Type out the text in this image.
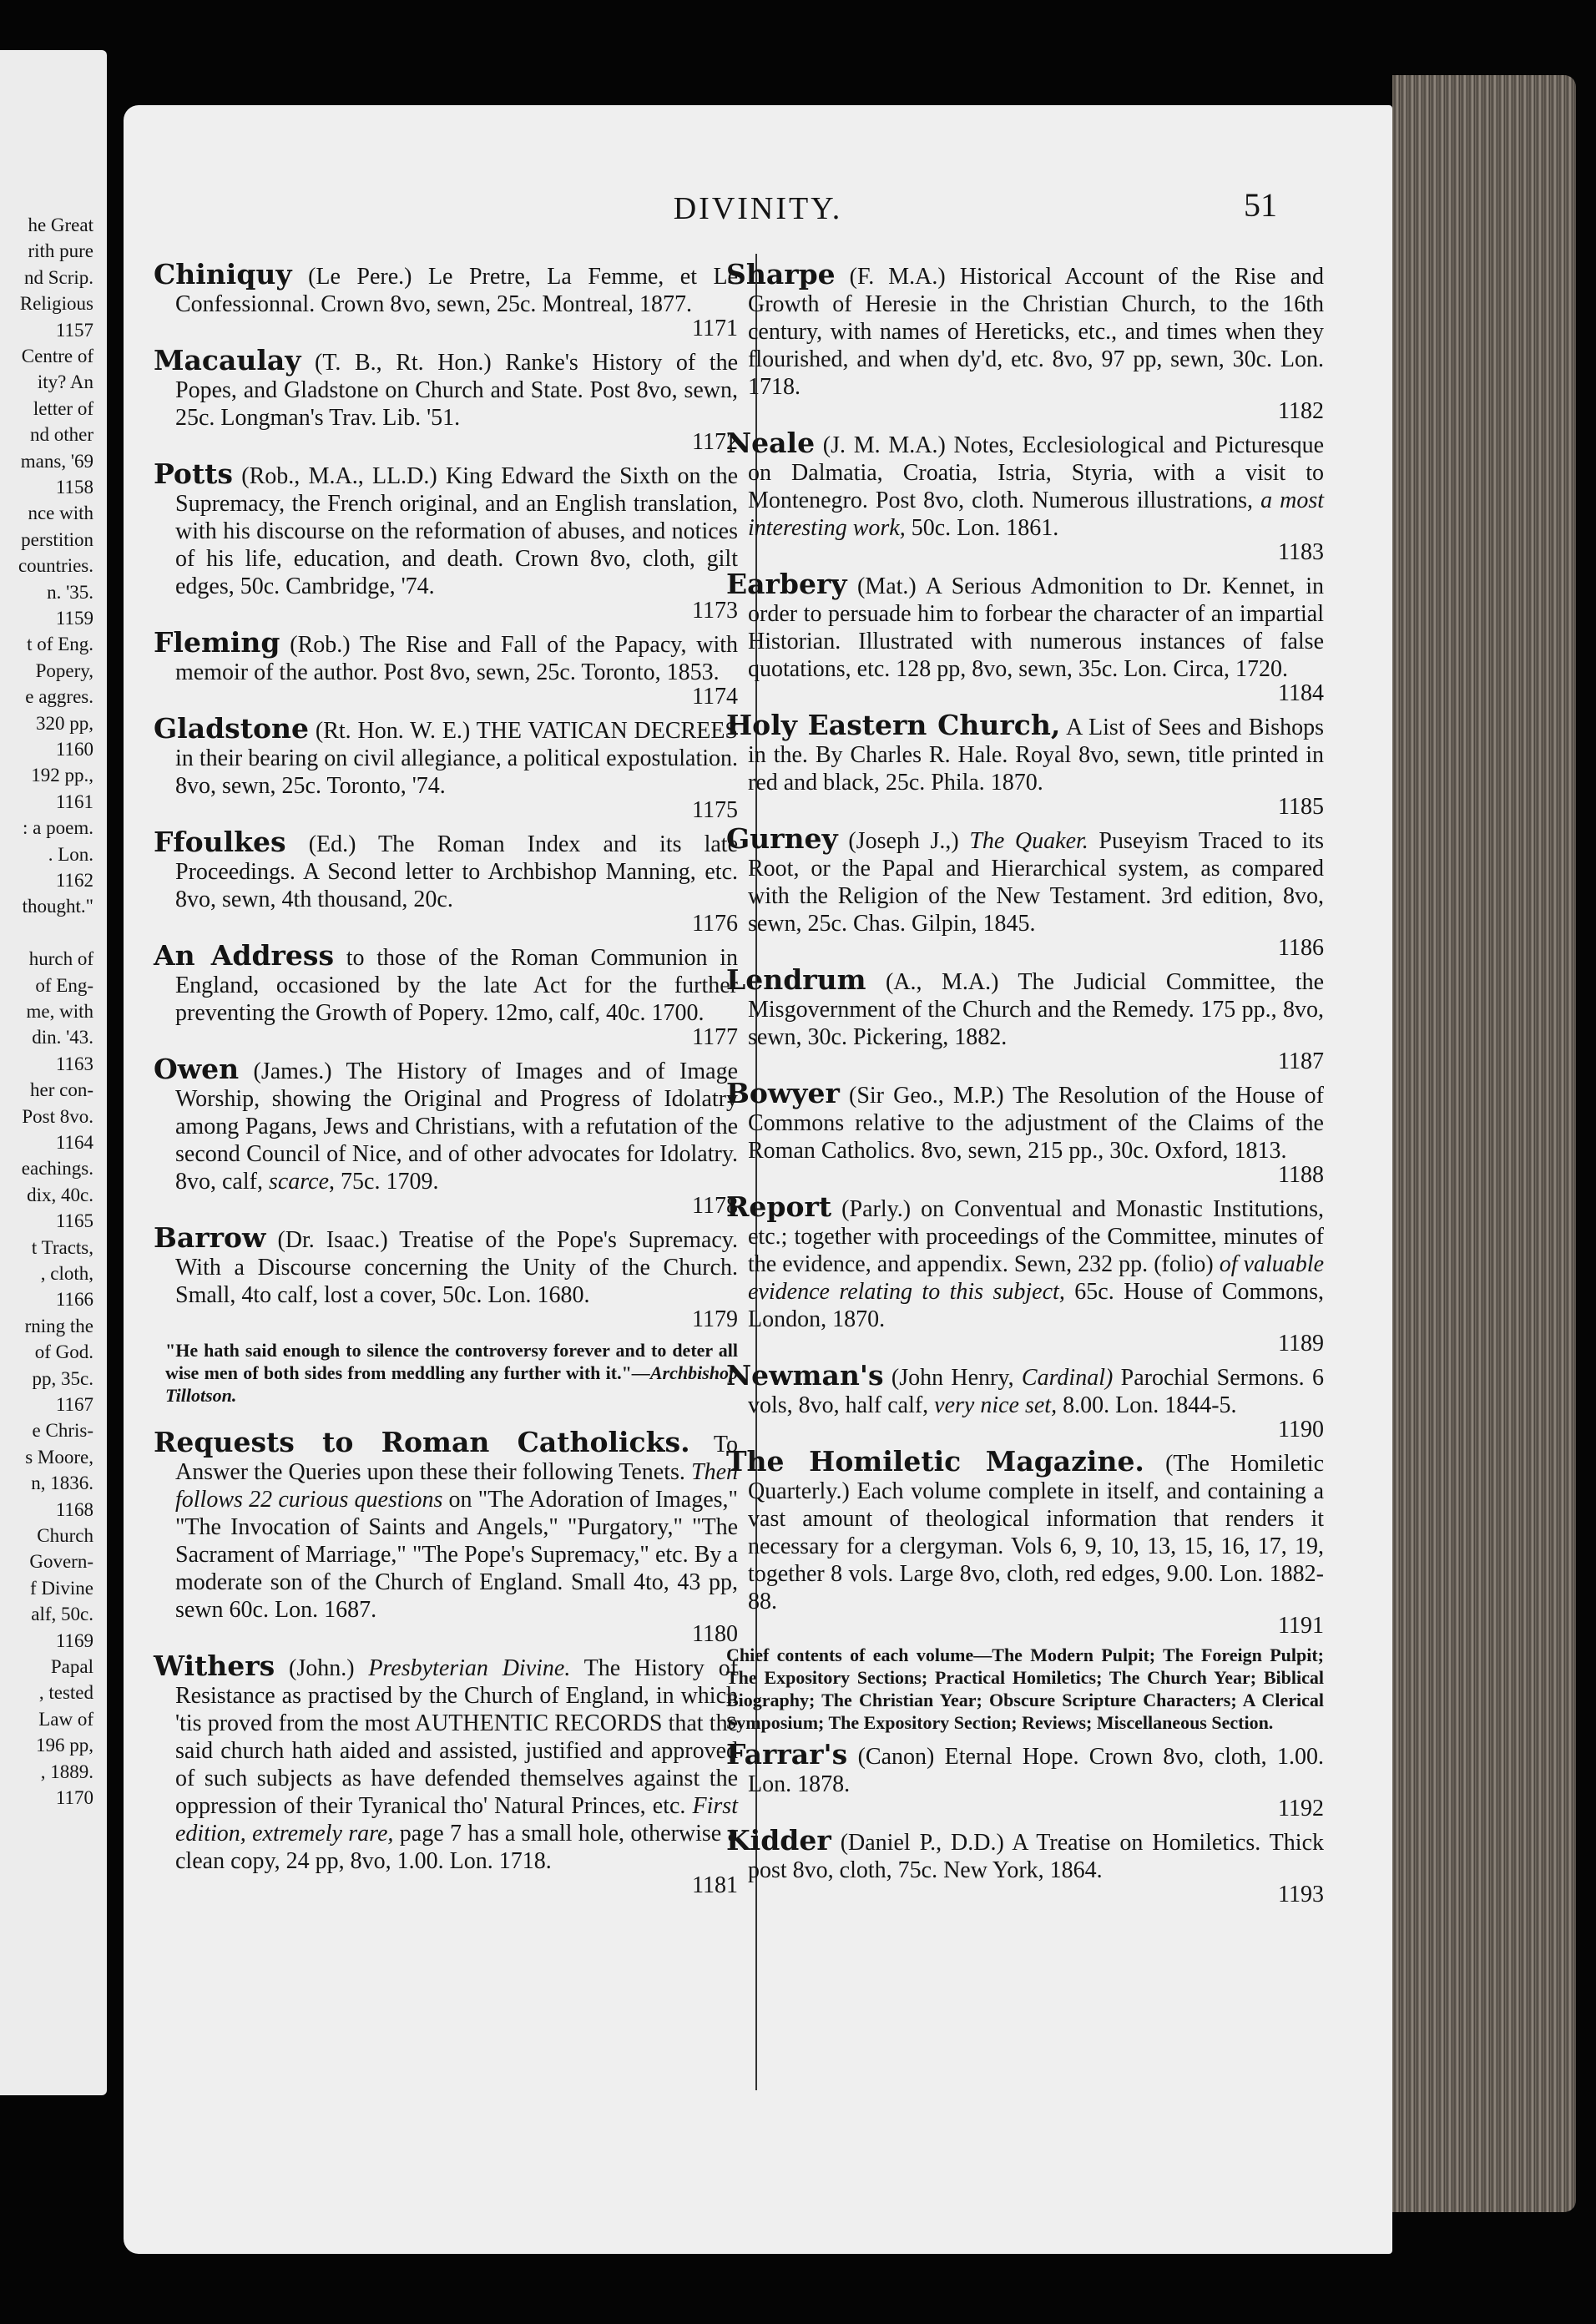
he Great
rith pure
nd Scrip.
Religious
1157
Centre of
ity? An
letter of
nd other
mans, '69
1158
nce with
perstition
countries.
n. '35.
1159
t of Eng.
Popery,
e aggres.
320 pp,
1160
192 pp.,
1161
: a poem.
. Lon.
1162
thought."
hurch of
of Eng-
me, with
din. '43.
1163
her con-
Post 8vo.
1164
eachings.
dix, 40c.
1165
t Tracts,
, cloth,
1166
rning the
of God.
pp, 35c.
1167
e Chris-
s Moore,
n, 1836.
1168
Church
Govern-
f Divine
alf, 50c.
1169
Papal
, tested
Law of
196 pp,
, 1889.
1170
DIVINITY.	51

Chiniquy (Le Pere.) Le Pretre, La Femme, et Le Confessionnal. Crown 8vo, sewn, 25c. Montreal, 1877.
1171

Macaulay (T. B., Rt. Hon.) Ranke's History of the Popes, and Gladstone on Church and State. Post 8vo, sewn, 25c. Longman's Trav. Lib. '51.
1172

Potts (Rob., M.A., LL.D.) King Edward the Sixth on the Supremacy, the French original, and an English translation, with his discourse on the reformation of abuses, and notices of his life, education, and death. Crown 8vo, cloth, gilt edges, 50c. Cambridge, '74.
1173

Fleming (Rob.) The Rise and Fall of the Papacy, with memoir of the author. Post 8vo, sewn, 25c. Toronto, 1853.
1174

Gladstone (Rt. Hon. W. E.) THE VATICAN DECREES in their bearing on civil allegiance, a political expostulation. 8vo, sewn, 25c. Toronto, '74.
1175

Ffoulkes (Ed.) The Roman Index and its late Proceedings. A Second letter to Archbishop Manning, etc. 8vo, sewn, 4th thousand, 20c.
1176

An Address to those of the Roman Communion in England, occasioned by the late Act for the further preventing the Growth of Popery. 12mo, calf, 40c. 1700.
1177

Owen (James.) The History of Images and of Image Worship, showing the Original and Progress of Idolatry among Pagans, Jews and Christians, with a refutation of the second Council of Nice, and of other advocates for Idolatry. 8vo, calf, scarce, 75c. 1709.
1178

Barrow (Dr. Isaac.) Treatise of the Pope's Supremacy. With a Discourse concerning the Unity of the Church. Small, 4to calf, lost a cover, 50c. Lon. 1680.
1179

"He hath said enough to silence the controversy forever and to deter all wise men of both sides from meddling any further with it."—Archbishop Tillotson.

Requests to Roman Catholicks. To Answer the Queries upon these their following Tenets. Then follows 22 curious questions on "The Adoration of Images," "The Invocation of Saints and Angels," "Purgatory," "The Sacrament of Marriage," "The Pope's Supremacy," etc. By a moderate son of the Church of England. Small 4to, 43 pp, sewn 60c. Lon. 1687.
1180

Withers (John.) Presbyterian Divine. The History of Resistance as practised by the Church of England, in which 'tis proved from the most AUTHENTIC RECORDS that the said church hath aided and assisted, justified and approved of such subjects as have defended themselves against the oppression of their Tyranical tho' Natural Princes, etc. First edition, extremely rare, page 7 has a small hole, otherwise a clean copy, 24 pp, 8vo, 1.00. Lon. 1718.
1181

Sharpe (F. M.A.) Historical Account of the Rise and Growth of Heresie in the Christian Church, to the 16th century, with names of Hereticks, etc., and times when they flourished, and when dy'd, etc. 8vo, 97 pp, sewn, 30c. Lon. 1718.
1182

Neale (J. M. M.A.) Notes, Ecclesiological and Picturesque on Dalmatia, Croatia, Istria, Styria, with a visit to Montenegro. Post 8vo, cloth. Numerous illustrations, a most interesting work, 50c. Lon. 1861.
1183

Earbery (Mat.) A Serious Admonition to Dr. Kennet, in order to persuade him to forbear the character of an impartial Historian. Illustrated with numerous instances of false quotations, etc. 128 pp, 8vo, sewn, 35c. Lon. Circa, 1720.
1184

Holy Eastern Church, A List of Sees and Bishops in the. By Charles R. Hale. Royal 8vo, sewn, title printed in red and black, 25c. Phila. 1870.
1185

Gurney (Joseph J.,) The Quaker. Puseyism Traced to its Root, or the Papal and Hierarchical system, as compared with the Religion of the New Testament. 3rd edition, 8vo, sewn, 25c. Chas. Gilpin, 1845.
1186

Lendrum (A., M.A.) The Judicial Committee, the Misgovernment of the Church and the Remedy. 175 pp., 8vo, sewn, 30c. Pickering, 1882.
1187

Bowyer (Sir Geo., M.P.) The Resolution of the House of Commons relative to the adjustment of the Claims of the Roman Catholics. 8vo, sewn, 215 pp., 30c. Oxford, 1813.
1188

Report (Parly.) on Conventual and Monastic Institutions, etc.; together with proceedings of the Committee, minutes of the evidence, and appendix. Sewn, 232 pp. (folio) of valuable evidence relating to this subject, 65c. House of Commons, London, 1870.
1189

Newman's (John Henry, Cardinal) Parochial Sermons. 6 vols, 8vo, half calf, very nice set, 8.00. Lon. 1844-5.
1190

The Homiletic Magazine. (The Homiletic Quarterly.) Each volume complete in itself, and containing a vast amount of theological information that renders it necessary for a clergyman. Vols 6, 9, 10, 13, 15, 16, 17, 19, together 8 vols. Large 8vo, cloth, red edges, 9.00. Lon. 1882-88.
1191

Chief contents of each volume—The Modern Pulpit; The Foreign Pulpit; The Expository Sections; Practical Homiletics; The Church Year; Biblical Biography; The Christian Year; Obscure Scripture Characters; A Clerical Symposium; The Expository Section; Reviews; Miscellaneous Section.

Farrar's (Canon) Eternal Hope. Crown 8vo, cloth, 1.00. Lon. 1878.
1192

Kidder (Daniel P., D.D.) A Treatise on Homiletics. Thick post 8vo, cloth, 75c. New York, 1864.
1193
